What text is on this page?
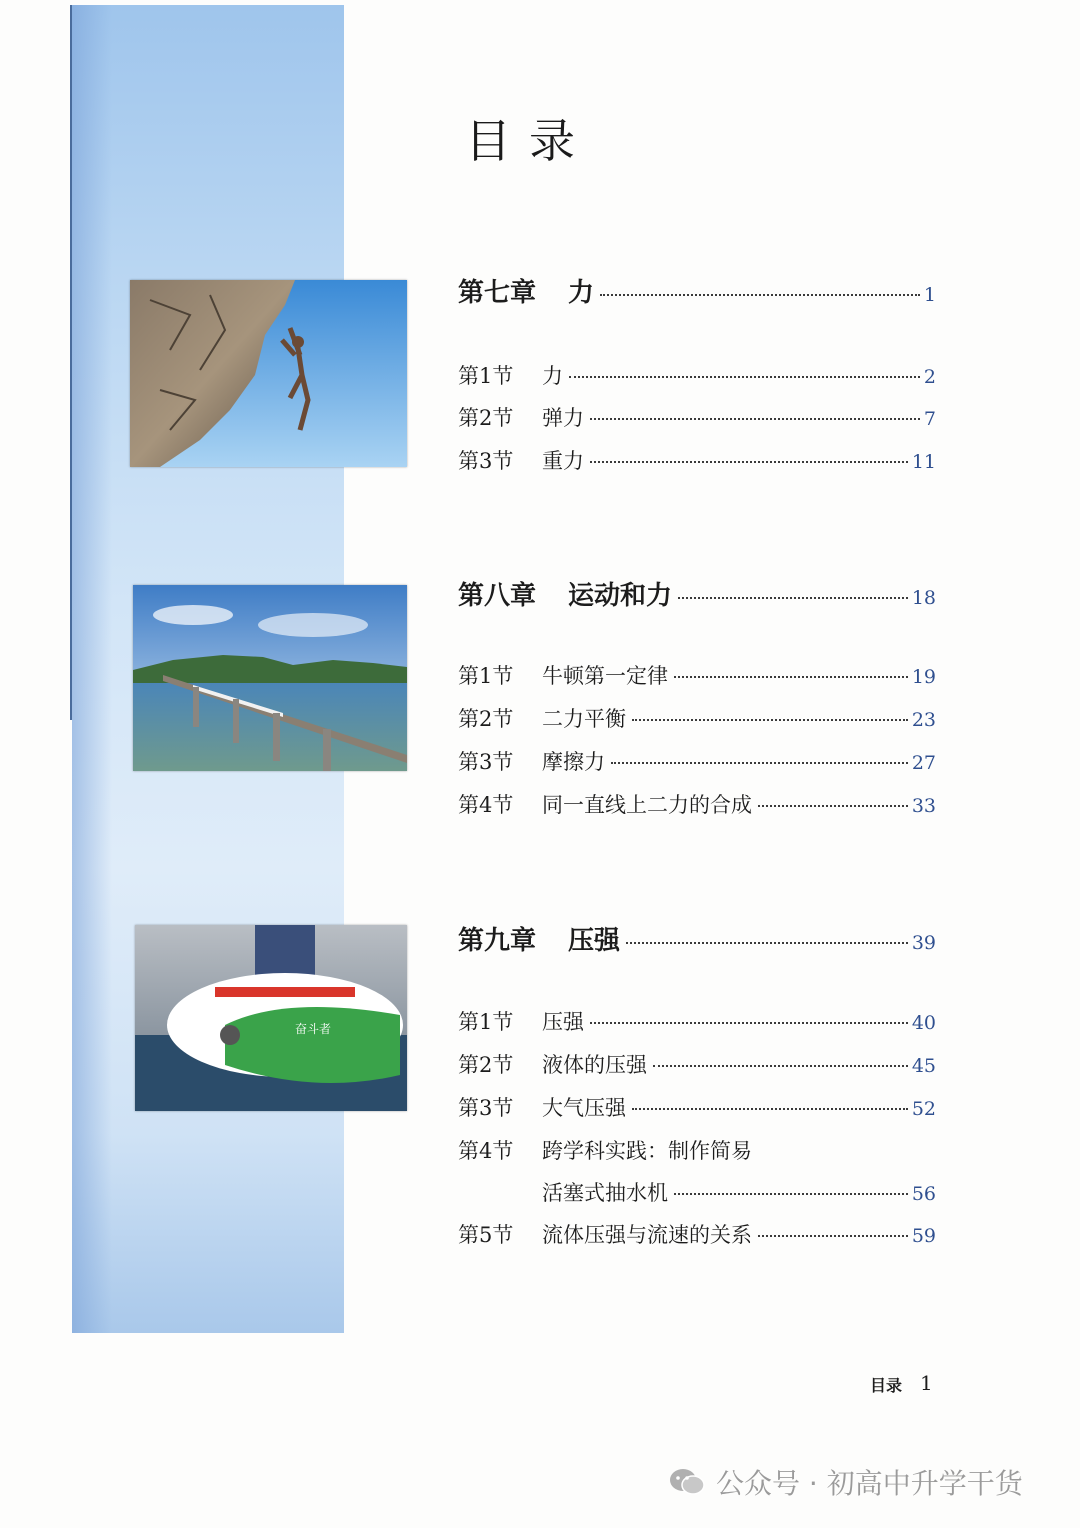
奋斗者
目录
第七章	力	1
第1节	力	2
第2节	弹力	7
第3节	重力	11
第八章	运动和力	18
第1节	牛顿第一定律	19
第2节	二力平衡	23
第3节	摩擦力	27
第4节	同一直线上二力的合成	33
第九章	压强	39
第1节	压强	40
第2节	液体的压强	45
第3节	大气压强	52
第4节	跨学科实践：制作简易
活塞式抽水机	56
第5节	流体压强与流速的关系	59
目录 1
公众号 · 初高中升学干货
